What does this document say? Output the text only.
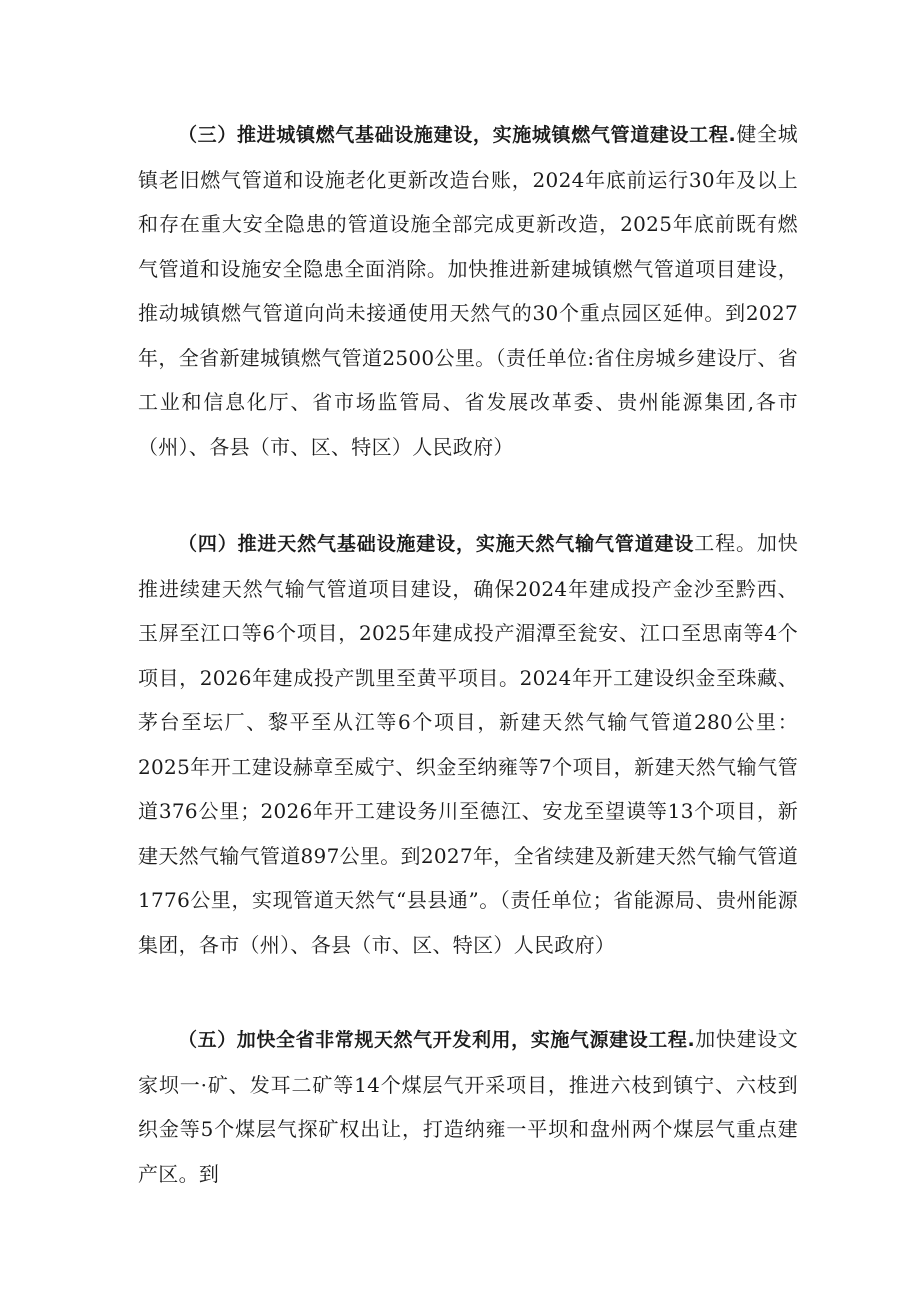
（三）推进城镇燃气基础设施建设，实施城镇燃气管道建设工程.健全城镇老旧燃气管道和设施老化更新改造台账，2024年底前运行30年及以上和存在重大安全隐患的管道设施全部完成更新改造，2025年底前既有燃气管道和设施安全隐患全面消除。加快推进新建城镇燃气管道项目建设，推动城镇燃气管道向尚未接通使用天然气的30个重点园区延伸。到2027年，全省新建城镇燃气管道2500公里。（责任单位:省住房城乡建设厅、省工业和信息化厅、省市场监管局、省发展改革委、贵州能源集团,各市（州）、各县（市、区、特区）人民政府）

（四）推进天然气基础设施建设，实施天然气输气管道建设工程。加快推进续建天然气输气管道项目建设，确保2024年建成投产金沙至黔西、玉屏至江口等6个项目，2025年建成投产湄潭至瓮安、江口至思南等4个项目，2026年建成投产凯里至黄平项目。2024年开工建设织金至珠藏、茅台至坛厂、黎平至从江等6个项目，新建天然气输气管道280公里：2025年开工建设赫章至威宁、织金至纳雍等7个项目，新建天然气输气管道376公里；2026年开工建设务川至德江、安龙至望谟等13个项目，新建天然气输气管道897公里。到2027年，全省续建及新建天然气输气管道1776公里，实现管道天然气“县县通”。（责任单位；省能源局、贵州能源集团，各市（州）、各县（市、区、特区）人民政府）

（五）加快全省非常规天然气开发利用，实施气源建设工程.加快建设文家坝一·矿、发耳二矿等14个煤层气开采项目，推进六枝到镇宁、六枝到织金等5个煤层气探矿权出让，打造纳雍一平坝和盘州两个煤层气重点建产区。到
